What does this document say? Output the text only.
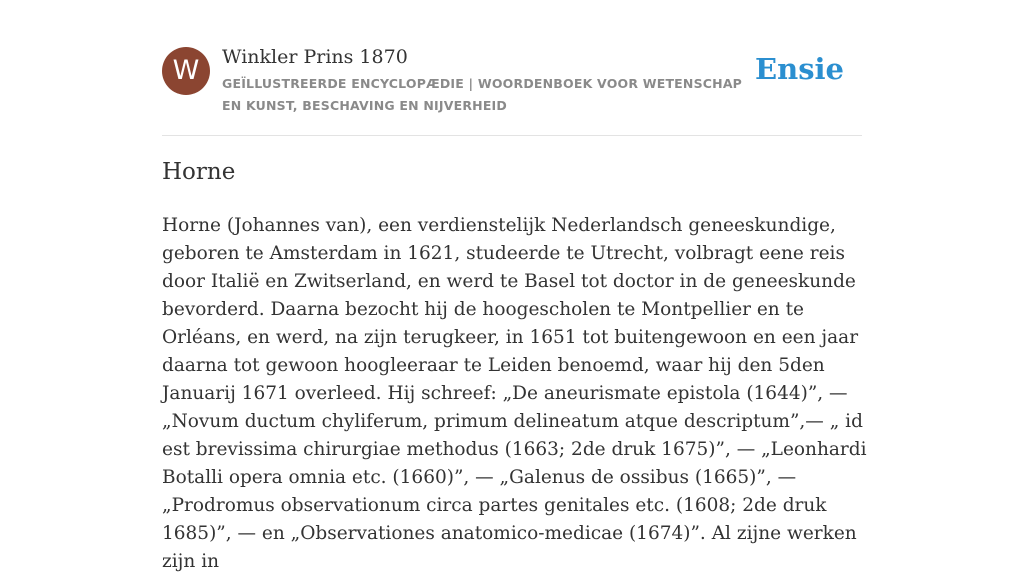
W	Winkler Prins 1870
GEÏLLUSTREERDE ENCYCLOPÆDIE | WOORDENBOEK VOOR WETENSCHAP EN KUNST, BESCHAVING EN NIJVERHEID
Ensie
Horne

Horne (Johannes van), een verdienstelijk Nederlandsch geneeskundige, geboren te Amsterdam in 1621, studeerde te Utrecht, volbragt eene reis door Italië en Zwitserland, en werd te Basel tot doctor in de geneeskunde bevorderd. Daarna bezocht hij de hoogescholen te Montpellier en te Orléans, en werd, na zijn terugkeer, in 1651 tot buitengewoon en een jaar daarna tot gewoon hoogleeraar te Leiden benoemd, waar hij den 5den Januarij 1671 overleed. Hij schreef: „De aneurismate epistola (1644)”, — „Novum ductum chyliferum, primum delineatum atque descriptum”,— „ id est brevissima chirurgiae methodus (1663; 2de druk 1675)”, — „Leonhardi Botalli opera omnia etc. (1660)”, — „Galenus de ossibus (1665)”, — „Prodromus observationum circa partes genitales etc. (1608; 2de druk 1685)”, — en „Observationes anatomico-medicae (1674)”. Al zijne werken zijn in
